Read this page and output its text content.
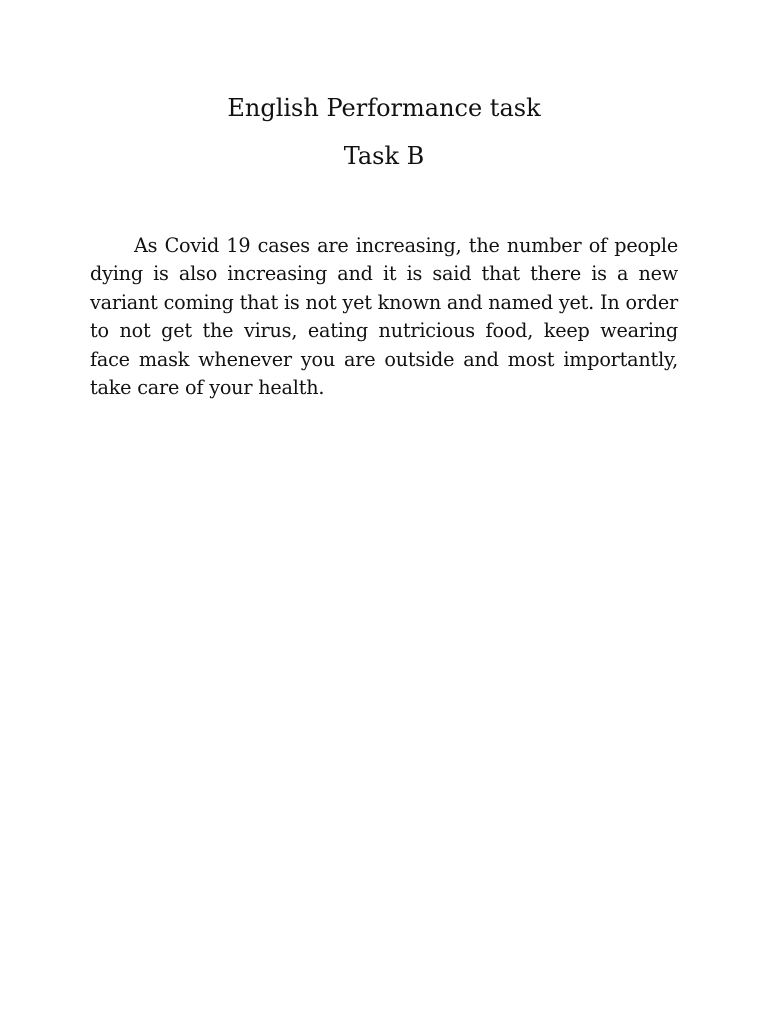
English Performance task
Task B

As Covid 19 cases are increasing, the number of people dying is also increasing and it is said that there is a new variant coming that is not yet known and named yet. In order to not get the virus, eating nutricious food, keep wearing face mask whenever you are outside and most importantly, take care of your health.
